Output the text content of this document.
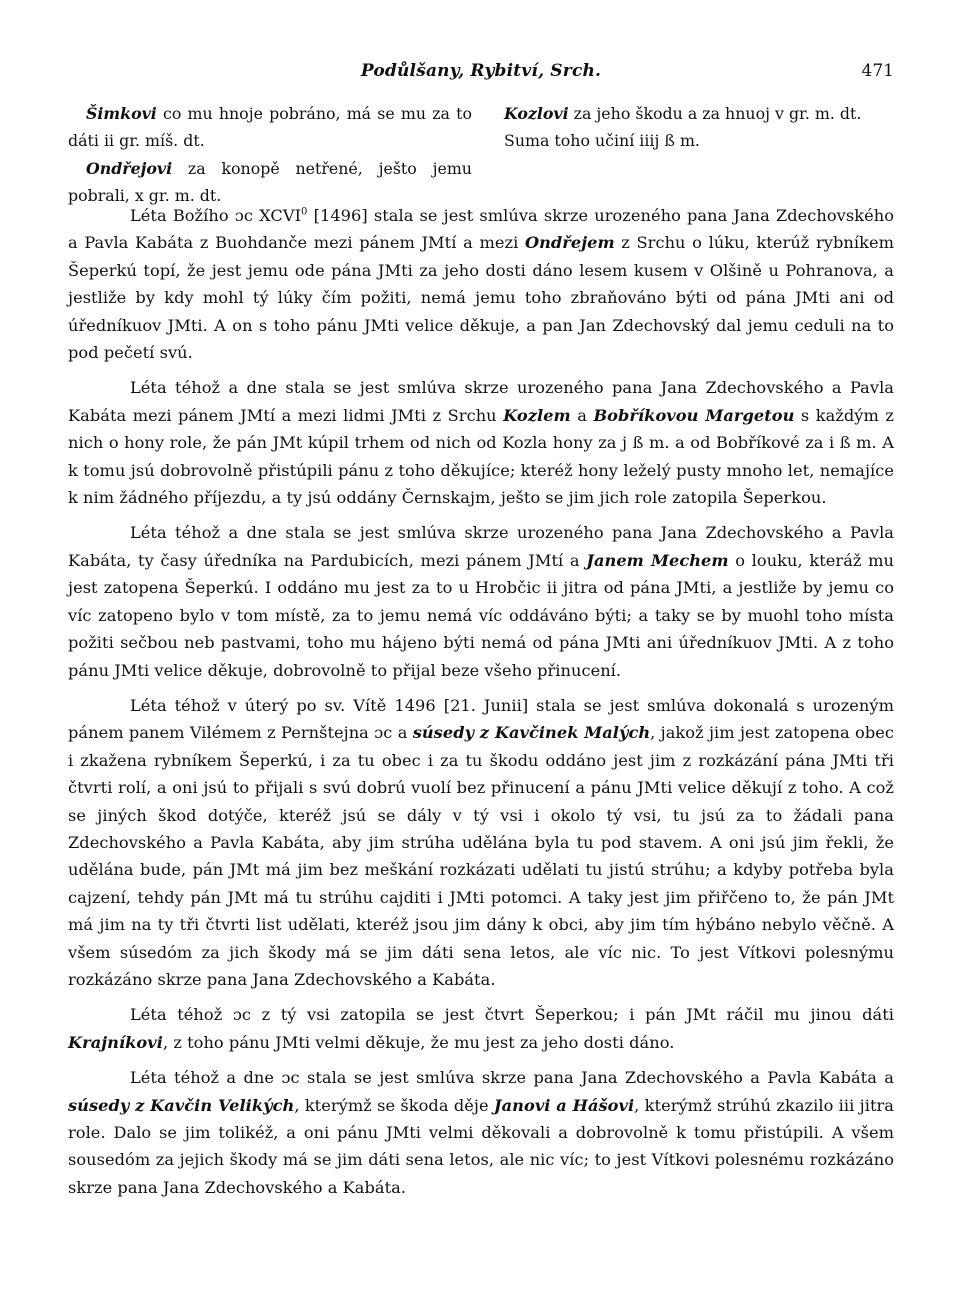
Podůlšany, Rybitví, Srch.	471

Šimkovi co mu hnoje pobráno, má se mu za to dáti ii gr. míš. dt.

Ondřejovi za konopě netřené, ješto jemu pobrali, x gr. m. dt.

Kozlovi za jeho škodu a za hnuoj v gr. m. dt.

Suma toho učiní iiij ß m.

Léta Božího ɔc XCVI$^0$ [1496] stala se jest smlúva skrze urozeného pana Jana Zdechovského a Pavla Kabáta z Buohdanče mezi pánem JMtí a mezi Ondřejem z Srchu o lúku, kterúž rybníkem Šeperkú topí, že jest jemu ode pána JMti za jeho dosti dáno lesem kusem v Olšině u Pohranova, a jestliže by kdy mohl tý lúky čím požiti, nemá jemu toho zbraňováno býti od pána JMti ani od úředníkuov JMti. A on s toho pánu JMti velice děkuje, a pan Jan Zdechovský dal jemu ceduli na to pod pečetí svú.

Léta téhož a dne stala se jest smlúva skrze urozeného pana Jana Zdechovského a Pavla Kabáta mezi pánem JMtí a mezi lidmi JMti z Srchu Kozlem a Bobříkovou Margetou s každým z nich o hony role, že pán JMt kúpil trhem od nich od Kozla hony za j ß m. a od Bobříkové za i ß m. A k tomu jsú dobrovolně přistúpili pánu z toho děkujíce; kteréž hony leželý pusty mnoho let, nemajíce k nim žádného příjezdu, a ty jsú oddány Černskajm, ješto se jim jich role zatopila Šeperkou.

Léta téhož a dne stala se jest smlúva skrze urozeného pana Jana Zdechovského a Pavla Kabáta, ty časy úředníka na Pardubicích, mezi pánem JMtí a Janem Mechem o louku, kteráž mu jest zatopena Šeperkú. I oddáno mu jest za to u Hrobčic ii jitra od pána JMti, a jestliže by jemu co víc zatopeno bylo v tom místě, za to jemu nemá víc oddáváno býti; a taky se by muohl toho místa požiti sečbou neb pastvami, toho mu hájeno býti nemá od pána JMti ani úředníkuov JMti. A z toho pánu JMti velice děkuje, dobrovolně to přijal beze všeho přinucení.

Léta téhož v úterý po sv. Vítě 1496 [21. Junii] stala se jest smlúva dokonalá s urozeným pánem panem Vilémem z Pernštejna ɔc a súsedy z Kavčinek Malých, jakož jim jest zatopena obec i zkažena rybníkem Šeperkú, i za tu obec i za tu škodu oddáno jest jim z rozkázání pána JMti tři čtvrti rolí, a oni jsú to přijali s svú dobrú vuolí bez přinucení a pánu JMti velice děkují z toho. A což se jiných škod dotýče, kteréž jsú se dály v tý vsi i okolo tý vsi, tu jsú za to žádali pana Zdechovského a Pavla Kabáta, aby jim strúha udělána byla tu pod stavem. A oni jsú jim řekli, že udělána bude, pán JMt má jim bez meškání rozkázati udělati tu jistú strúhu; a kdyby potřeba byla cajzení, tehdy pán JMt má tu strúhu cajditi i JMti potomci. A taky jest jim přiřčeno to, že pán JMt má jim na ty tři čtvrti list udělati, kteréž jsou jim dány k obci, aby jim tím hýbáno nebylo věčně. A všem súsedóm za jich škody má se jim dáti sena letos, ale víc nic. To jest Vítkovi polesnýmu rozkázáno skrze pana Jana Zdechovského a Kabáta.

Léta téhož ɔc z tý vsi zatopila se jest čtvrt Šeperkou; i pán JMt ráčil mu jinou dáti Krajníkovi, z toho pánu JMti velmi děkuje, že mu jest za jeho dosti dáno.

Léta téhož a dne ɔc stala se jest smlúva skrze pana Jana Zdechovského a Pavla Kabáta a súsedy z Kavčin Velikých, kterýmž se škoda děje Janovi a Hášovi, kterýmž strúhú zkazilo iii jitra role. Dalo se jim tolikéž, a oni pánu JMti velmi děkovali a dobrovolně k tomu přistúpili. A všem sousedóm za jejich škody má se jim dáti sena letos, ale nic víc; to jest Vítkovi polesnému rozkázáno skrze pana Jana Zdechovského a Kabáta.
